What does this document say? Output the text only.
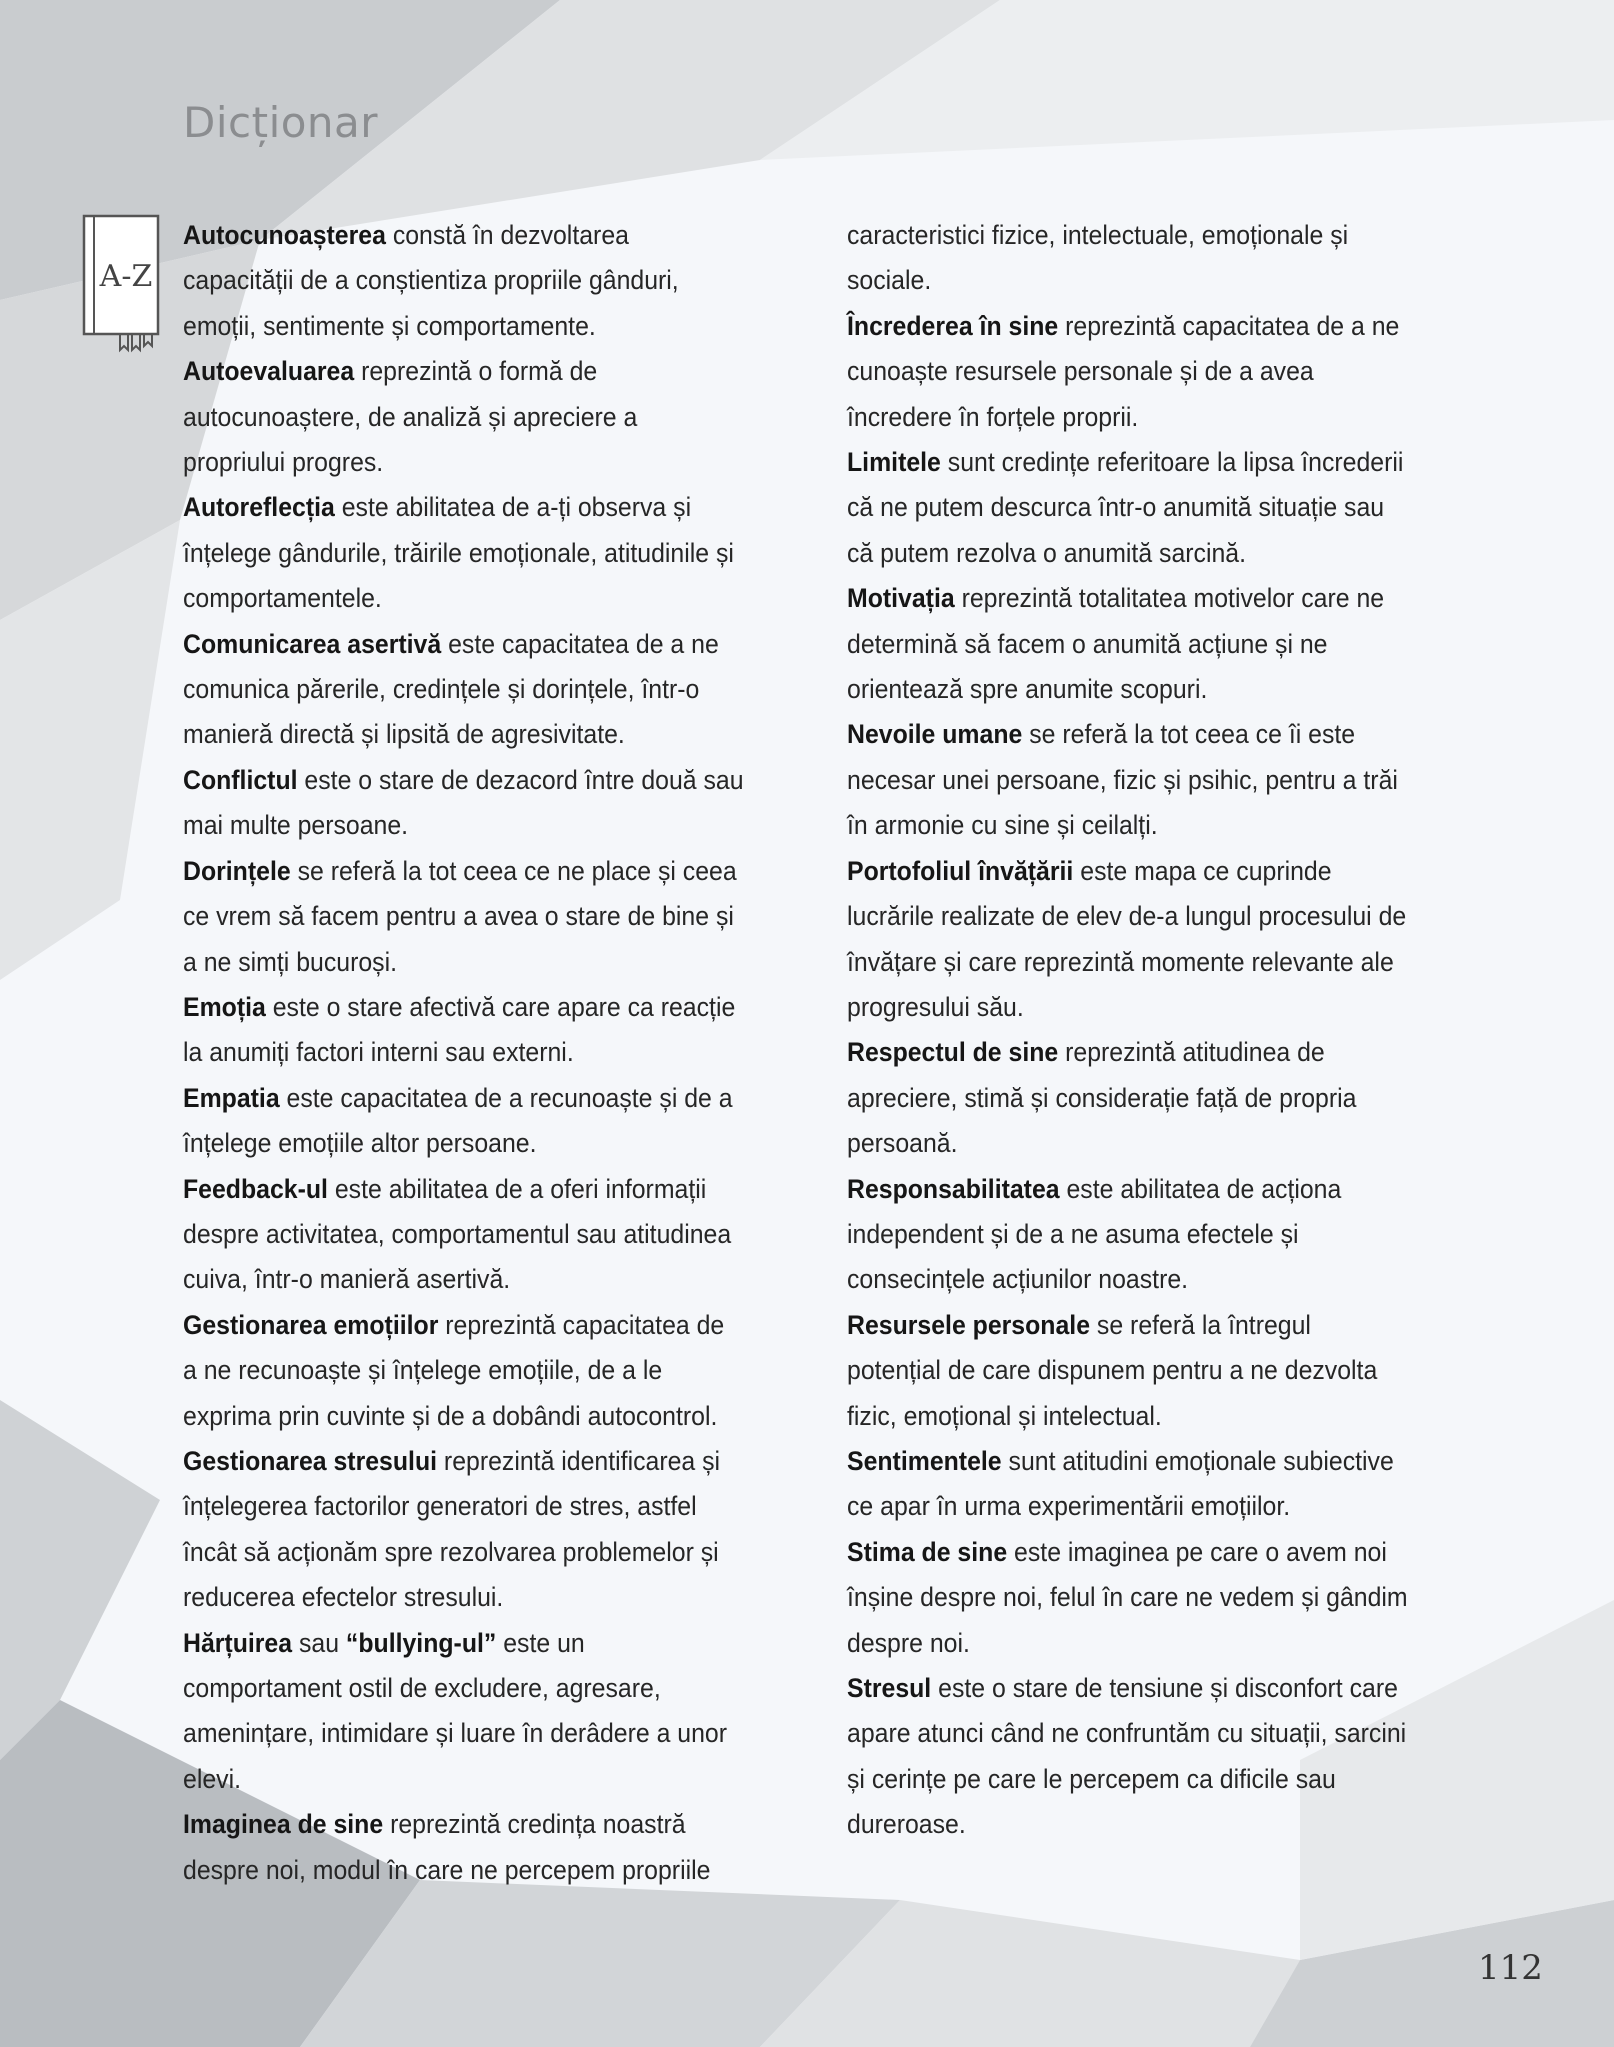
Dicționar
A-Z

Autocunoașterea constă în dezvoltarea capacității de a conștientiza propriile gânduri, emoții, sentimente și comportamente.

Autoevaluarea reprezintă o formă de autocunoaștere, de analiză și apreciere a propriului progres.

Autoreflecția este abilitatea de a-ți observa și înțelege gândurile, trăirile emoționale, atitudinile și comportamentele.

Comunicarea asertivă este capacitatea de a ne comunica părerile, credințele și dorințele, într-o manieră directă și lipsită de agresivitate.

Conflictul este o stare de dezacord între două sau mai multe persoane.

Dorințele se referă la tot ceea ce ne place și ceea ce vrem să facem pentru a avea o stare de bine și a ne simți bucuroși.

Emoția este o stare afectivă care apare ca reacție la anumiți factori interni sau externi.

Empatia este capacitatea de a recunoaște și de a înțelege emoțiile altor persoane.

Feedback-ul este abilitatea de a oferi informații despre activitatea, comportamentul sau atitudinea cuiva, într-o manieră asertivă.

Gestionarea emoțiilor reprezintă capacitatea de a ne recunoaște și înțelege emoțiile, de a le exprima prin cuvinte și de a dobândi autocontrol.

Gestionarea stresului reprezintă identificarea și înțelegerea factorilor generatori de stres, astfel încât să acționăm spre rezolvarea problemelor și reducerea efectelor stresului.

Hărțuirea sau “bullying-ul” este un comportament ostil de excludere, agresare, amenințare, intimidare și luare în derâdere a unor elevi.

Imaginea de sine reprezintă credința noastră despre noi, modul în care ne percepem propriile

caracteristici fizice, intelectuale, emoționale și sociale.

Încrederea în sine reprezintă capacitatea de a ne cunoaște resursele personale și de a avea încredere în forțele proprii.

Limitele sunt credințe referitoare la lipsa încrederii că ne putem descurca într-o anumită situație sau că putem rezolva o anumită sarcină.

Motivația reprezintă totalitatea motivelor care ne determină să facem o anumită acțiune și ne orientează spre anumite scopuri.

Nevoile umane se referă la tot ceea ce îi este necesar unei persoane, fizic și psihic, pentru a trăi în armonie cu sine și ceilalți.

Portofoliul învățării este mapa ce cuprinde lucrările realizate de elev de-a lungul procesului de învățare și care reprezintă momente relevante ale progresului său.

Respectul de sine reprezintă atitudinea de apreciere, stimă și considerație față de propria persoană.

Responsabilitatea este abilitatea de acționa independent și de a ne asuma efectele și consecințele acțiunilor noastre.

Resursele personale se referă la întregul potențial de care dispunem pentru a ne dezvolta fizic, emoțional și intelectual.

Sentimentele sunt atitudini emoționale subiective ce apar în urma experimentării emoțiilor.

Stima de sine este imaginea pe care o avem noi înșine despre noi, felul în care ne vedem și gândim despre noi.

Stresul este o stare de tensiune și disconfort care apare atunci când ne confruntăm cu situații, sarcini și cerințe pe care le percepem ca dificile sau dureroase.

112
